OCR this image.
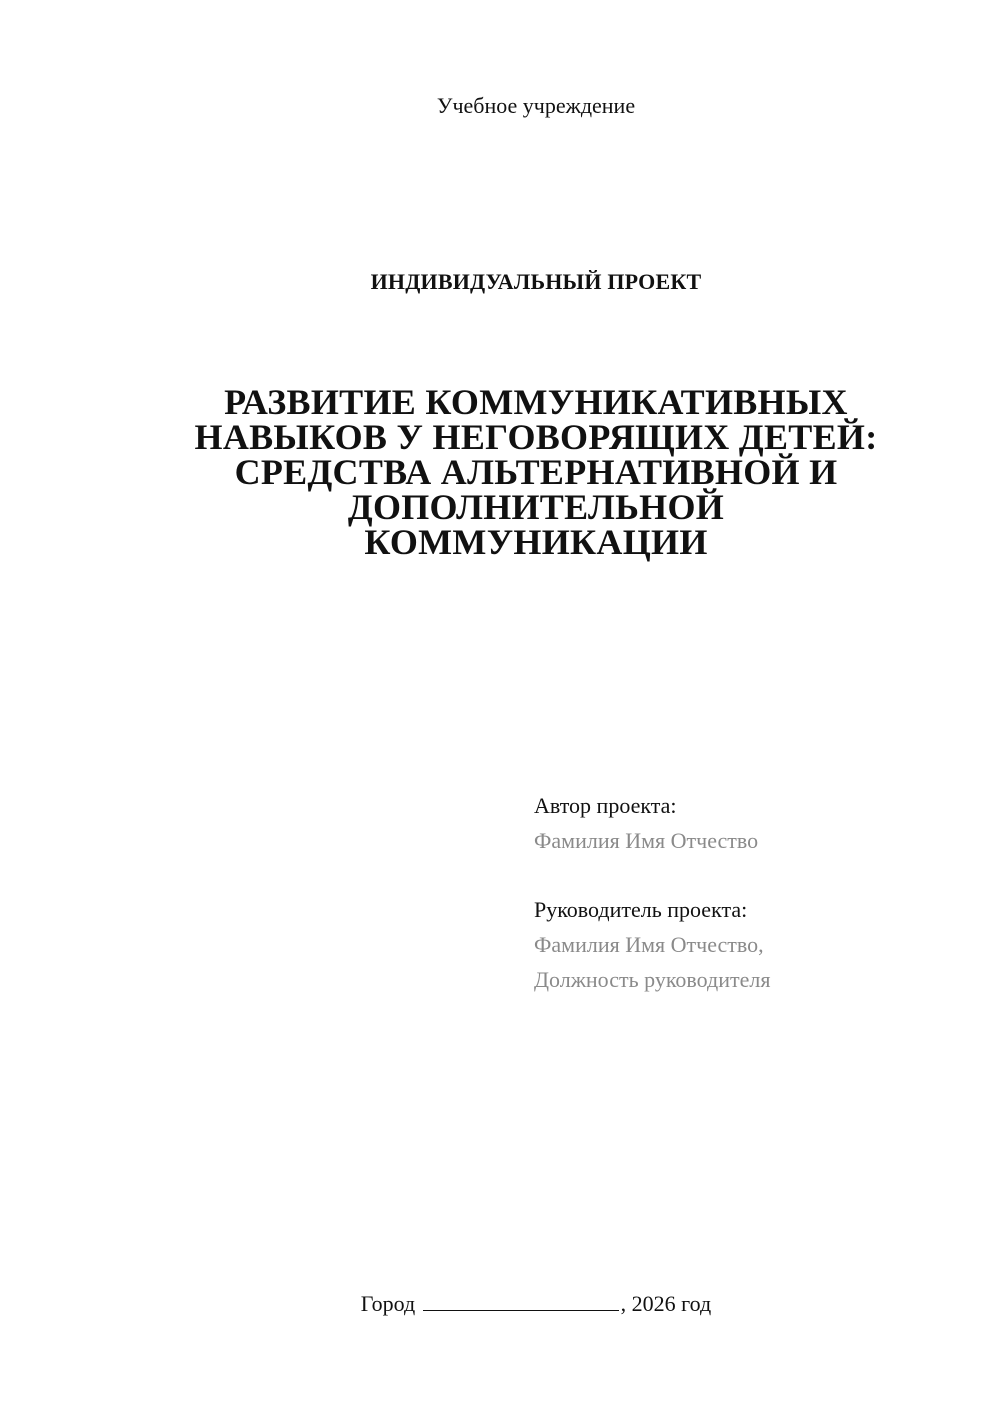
Учебное учреждение
ИНДИВИДУАЛЬНЫЙ ПРОЕКТ
РАЗВИТИЕ КОММУНИКАТИВНЫХ
НАВЫКОВ У НЕГОВОРЯЩИХ ДЕТЕЙ:
СРЕДСТВА АЛЬТЕРНАТИВНОЙ И
ДОПОЛНИТЕЛЬНОЙ
КОММУНИКАЦИИ
Автор проекта:
Фамилия Имя Отчество
Руководитель проекта:
Фамилия Имя Отчество,
Должность руководителя
Город	, 2026 год
